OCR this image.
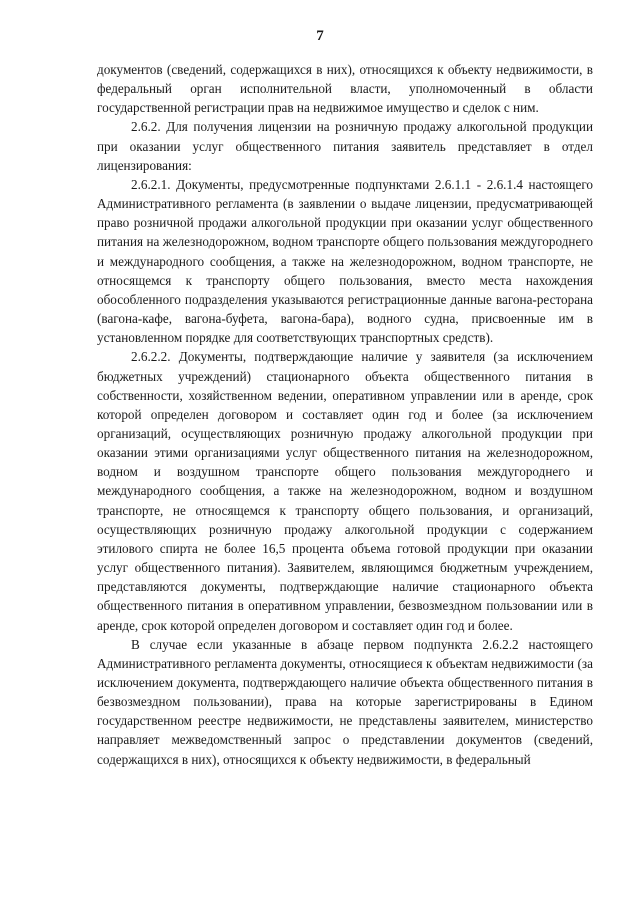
7

документов (сведений, содержащихся в них), относящихся к объекту недвижимости, в федеральный орган исполнительной власти, уполномоченный в области государственной регистрации прав на недвижимое имущество и сделок с ним.

2.6.2. Для получения лицензии на розничную продажу алкогольной продукции при оказании услуг общественного питания заявитель представляет в отдел лицензирования:

2.6.2.1. Документы, предусмотренные подпунктами 2.6.1.1 - 2.6.1.4 настоящего Административного регламента (в заявлении о выдаче лицензии, предусматривающей право розничной продажи алкогольной продукции при оказании услуг общественного питания на железнодорожном, водном транспорте общего пользования междугороднего и международного сообщения, а также на железнодорожном, водном транспорте, не относящемся к транспорту общего пользования, вместо места нахождения обособленного подразделения указываются регистрационные данные вагона-ресторана (вагона-кафе, вагона-буфета, вагона-бара), водного судна, присвоенные им в установленном порядке для соответствующих транспортных средств).

2.6.2.2. Документы, подтверждающие наличие у заявителя (за исключением бюджетных учреждений) стационарного объекта общественного питания в собственности, хозяйственном ведении, оперативном управлении или в аренде, срок которой определен договором и составляет один год и более (за исключением организаций, осуществляющих розничную продажу алкогольной продукции при оказании этими организациями услуг общественного питания на железнодорожном, водном и воздушном транспорте общего пользования междугороднего и международного сообщения, а также на железнодорожном, водном и воздушном транспорте, не относящемся к транспорту общего пользования, и организаций, осуществляющих розничную продажу алкогольной продукции с содержанием этилового спирта не более 16,5 процента объема готовой продукции при оказании услуг общественного питания). Заявителем, являющимся бюджетным учреждением, представляются документы, подтверждающие наличие стационарного объекта общественного питания в оперативном управлении, безвозмездном пользовании или в аренде, срок которой определен договором и составляет один год и более.

В случае если указанные в абзаце первом подпункта 2.6.2.2 настоящего Административного регламента документы, относящиеся к объектам недвижимости (за исключением документа, подтверждающего наличие объекта общественного питания в безвозмездном пользовании), права на которые зарегистрированы в Едином государственном реестре недвижимости, не представлены заявителем, министерство направляет межведомственный запрос о представлении документов (сведений, содержащихся в них), относящихся к объекту недвижимости, в федеральный
